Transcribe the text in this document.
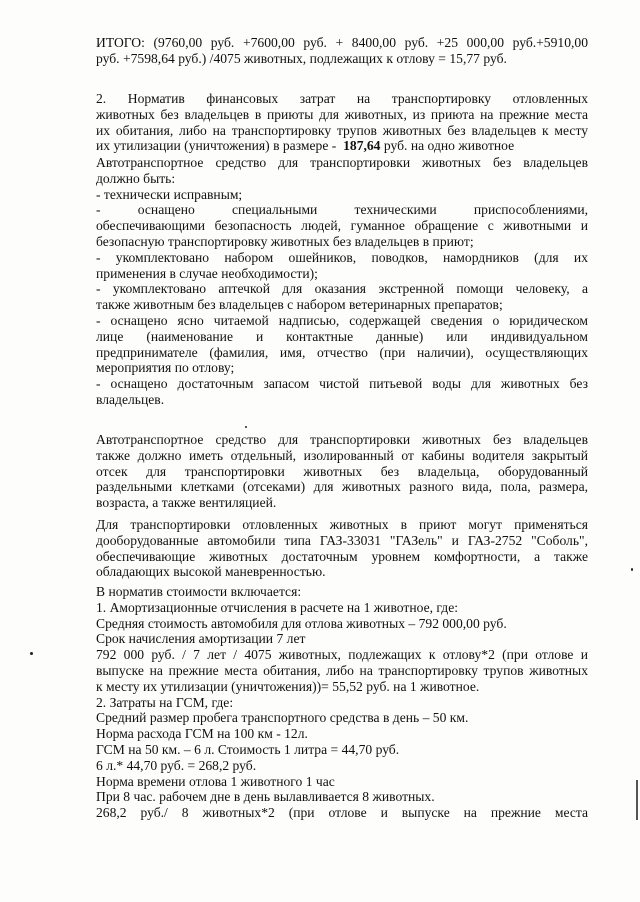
ИТОГО: (9760,00 руб. +7600,00 руб. + 8400,00 руб. +25 000,00 руб.+5910,00
руб. +7598,64 руб.) /4075 животных, подлежащих к отлову = 15,77 руб.
2. Норматив финансовых затрат на транспортировку отловленных
животных без владельцев в приюты для животных, из приюта на прежние места
их обитания, либо на транспортировку трупов животных без владельцев к месту
их утилизации (уничтожения) в размере - 187,64 руб. на одно животное
Автотранспортное средство для транспортировки животных без владельцев
должно быть:
- технически исправным;
- оснащено специальными техническими приспособлениями,
обеспечивающими безопасность людей, гуманное обращение с животными и
безопасную транспортировку животных без владельцев в приют;
- укомплектовано набором ошейников, поводков, намордников (для их
применения в случае необходимости);
- укомплектовано аптечкой для оказания экстренной помощи человеку, а
также животным без владельцев с набором ветеринарных препаратов;
- оснащено ясно читаемой надписью, содержащей сведения о юридическом
лице (наименование и контактные данные) или индивидуальном
предпринимателе (фамилия, имя, отчество (при наличии), осуществляющих
мероприятия по отлову;
- оснащено достаточным запасом чистой питьевой воды для животных без
владельцев.
Автотранспортное средство для транспортировки животных без владельцев
также должно иметь отдельный, изолированный от кабины водителя закрытый
отсек для транспортировки животных без владельца, оборудованный
раздельными клетками (отсеками) для животных разного вида, пола, размера,
возраста, а также вентиляцией.
Для транспортировки отловленных животных в приют могут применяться
дооборудованные автомобили типа ГАЗ-33031 "ГАЗель" и ГАЗ-2752 "Соболь",
обеспечивающие животных достаточным уровнем комфортности, а также
обладающих высокой маневренностью.
В норматив стоимости включается:
1. Амортизационные отчисления в расчете на 1 животное, где:
Средняя стоимость автомобиля для отлова животных – 792 000,00 руб.
Срок начисления амортизации 7 лет
792 000 руб. / 7 лет / 4075 животных, подлежащих к отлову*2 (при отлове и
выпуске на прежние места обитания, либо на транспортировку трупов животных
к месту их утилизации (уничтожения))= 55,52 руб. на 1 животное.
2. Затраты на ГСМ, где:
Средний размер пробега транспортного средства в день – 50 км.
Норма расхода ГСМ на 100 км - 12л.
ГСМ на 50 км. – 6 л. Стоимость 1 литра = 44,70 руб.
6 л.* 44,70 руб. = 268,2 руб.
Норма времени отлова 1 животного 1 час
При 8 час. рабочем дне в день вылавливается 8 животных.
268,2 руб./ 8 животных*2 (при отлове и выпуске на прежние места
